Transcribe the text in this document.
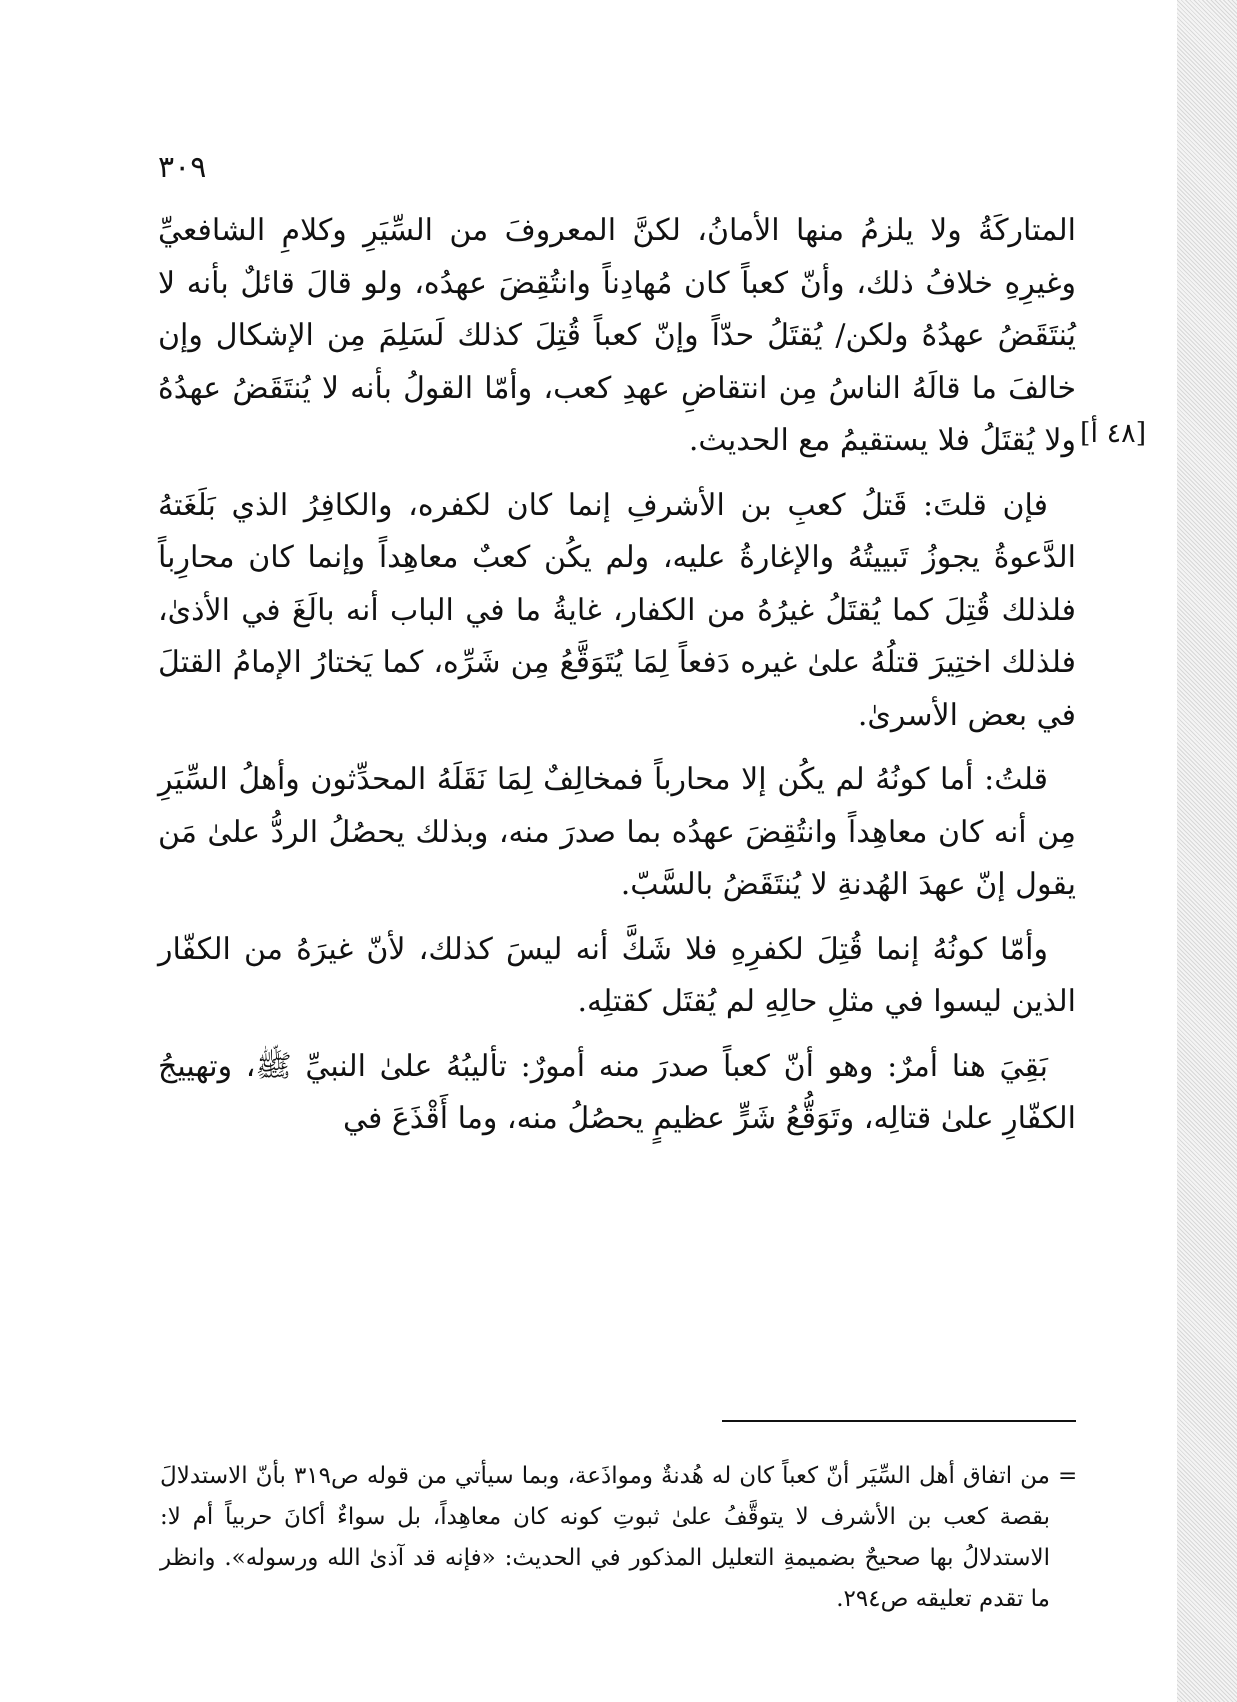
٣٠٩

المتاركَةُ ولا يلزمُ منها الأمانُ، لكنَّ المعروفَ من السِّيَرِ وكلامِ الشافعيِّ وغيرِهِ خلافُ ذلك، وأنّ كعباً كان مُهادِناً وانتُقِضَ عهدُه، ولو قالَ قائلٌ بأنه لا يُنتَقَضُ عهدُهُ ولكن/ يُقتَلُ حدّاً وإنّ كعباً قُتِلَ كذلك لَسَلِمَ مِن الإشكال وإن خالفَ ما قالَهُ الناسُ مِن انتقاضِ عهدِ كعب، وأمّا القولُ بأنه لا يُنتَقَضُ عهدُهُ ولا يُقتَلُ فلا يستقيمُ مع الحديث.

فإن قلتَ: قَتلُ كعبِ بن الأشرفِ إنما كان لكفره، والكافِرُ الذي بَلَغَتهُ الدَّعوةُ يجوزُ تَبييتُهُ والإغارةُ عليه، ولم يكُن كعبٌ معاهِداً وإنما كان محارِباً فلذلك قُتِلَ كما يُقتَلُ غيرُهُ من الكفار، غايةُ ما في الباب أنه بالَغَ في الأذىٰ، فلذلك اختِيرَ قتلُهُ علىٰ غيره دَفعاً لِمَا يُتَوَقَّعُ مِن شَرِّه، كما يَختارُ الإمامُ القتلَ في بعض الأسرىٰ.

قلتُ: أما كونُهُ لم يكُن إلا محارباً فمخالِفٌ لِمَا نَقَلَهُ المحدِّثون وأهلُ السِّيَرِ مِن أنه كان معاهِداً وانتُقِضَ عهدُه بما صدرَ منه، وبذلك يحصُلُ الردُّ علىٰ مَن يقول إنّ عهدَ الهُدنةِ لا يُنتَقَضُ بالسَّبّ.

وأمّا كونُهُ إنما قُتِلَ لكفرِهِ فلا شَكَّ أنه ليسَ كذلك، لأنّ غيرَهُ من الكفّار الذين ليسوا في مثلِ حالِهِ لم يُقتَل كقتلِه.

بَقِيَ هنا أمرٌ: وهو أنّ كعباً صدرَ منه أمورٌ: تأليبُهُ علىٰ النبيِّ ﷺ، وتهييجُ الكفّارِ علىٰ قتالِه، وتَوَقُّعُ شَرٍّ عظيمٍ يحصُلُ منه، وما أَقْذَعَ في

[٤٨ أ]
=
من اتفاق أهل السِّيَر أنّ كعباً كان له هُدنةٌ ومواذَعة، وبما سيأتي من قوله ص٣١٩ بأنّ الاستدلالَ بقصة كعب بن الأشرف لا يتوقَّفُ علىٰ ثبوتِ كونه كان معاهِداً، بل سواءٌ أكانَ حربياً أم لا: الاستدلالُ بها صحيحٌ بضميمةِ التعليل المذكور في الحديث: «فإنه قد آذىٰ الله ورسوله». وانظر ما تقدم تعليقه ص٢٩٤.
